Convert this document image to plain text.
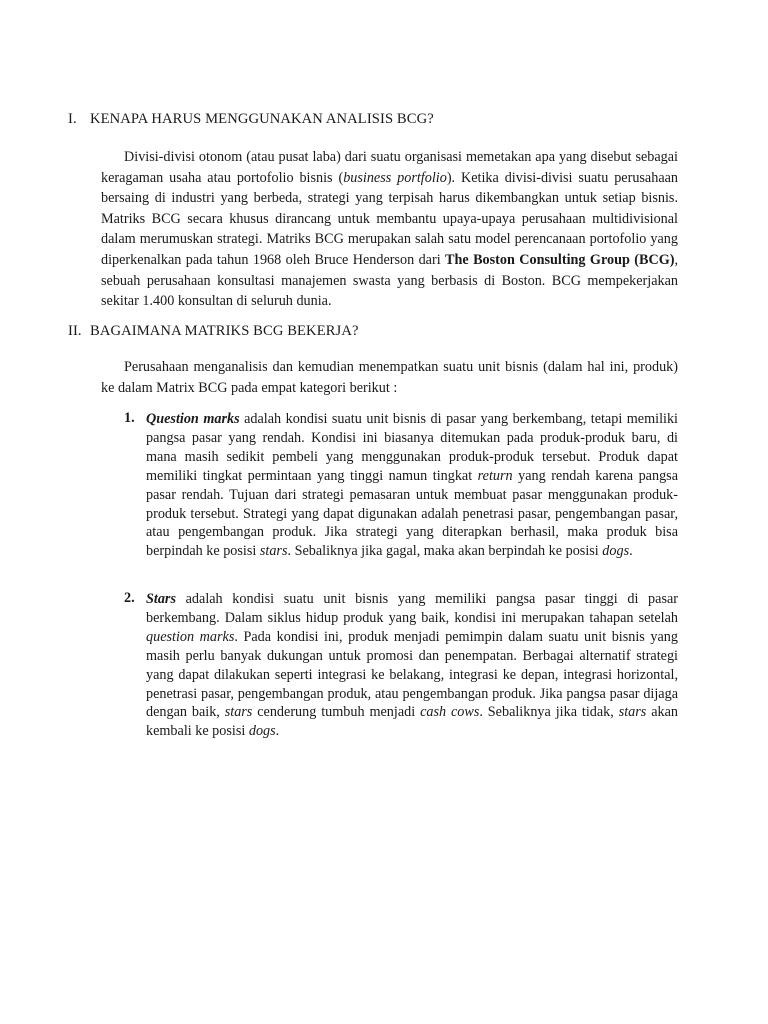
I. KENAPA HARUS MENGGUNAKAN ANALISIS BCG?

Divisi-divisi otonom (atau pusat laba) dari suatu organisasi memetakan apa yang disebut sebagai keragaman usaha atau portofolio bisnis (business portfolio). Ketika divisi-divisi suatu perusahaan bersaing di industri yang berbeda, strategi yang terpisah harus dikembangkan untuk setiap bisnis. Matriks BCG secara khusus dirancang untuk membantu upaya-upaya perusahaan multidivisional dalam merumuskan strategi. Matriks BCG merupakan salah satu model perencanaan portofolio yang diperkenalkan pada tahun 1968 oleh Bruce Henderson dari The Boston Consulting Group (BCG), sebuah perusahaan konsultasi manajemen swasta yang berbasis di Boston. BCG mempekerjakan sekitar 1.400 konsultan di seluruh dunia.

II. BAGAIMANA MATRIKS BCG BEKERJA?

Perusahaan menganalisis dan kemudian menempatkan suatu unit bisnis (dalam hal ini, produk) ke dalam Matrix BCG pada empat kategori berikut :

1. Question marks adalah kondisi suatu unit bisnis di pasar yang berkembang, tetapi memiliki pangsa pasar yang rendah. Kondisi ini biasanya ditemukan pada produk-produk baru, di mana masih sedikit pembeli yang menggunakan produk-produk tersebut. Produk dapat memiliki tingkat permintaan yang tinggi namun tingkat return yang rendah karena pangsa pasar rendah. Tujuan dari strategi pemasaran untuk membuat pasar menggunakan produk-produk tersebut. Strategi yang dapat digunakan adalah penetrasi pasar, pengembangan pasar, atau pengembangan produk. Jika strategi yang diterapkan berhasil, maka produk bisa berpindah ke posisi stars. Sebaliknya jika gagal, maka akan berpindah ke posisi dogs.

2. Stars adalah kondisi suatu unit bisnis yang memiliki pangsa pasar tinggi di pasar berkembang. Dalam siklus hidup produk yang baik, kondisi ini merupakan tahapan setelah question marks. Pada kondisi ini, produk menjadi pemimpin dalam suatu unit bisnis yang masih perlu banyak dukungan untuk promosi dan penempatan. Berbagai alternatif strategi yang dapat dilakukan seperti integrasi ke belakang, integrasi ke depan, integrasi horizontal, penetrasi pasar, pengembangan produk, atau pengembangan produk. Jika pangsa pasar dijaga dengan baik, stars cenderung tumbuh menjadi cash cows. Sebaliknya jika tidak, stars akan kembali ke posisi dogs.
